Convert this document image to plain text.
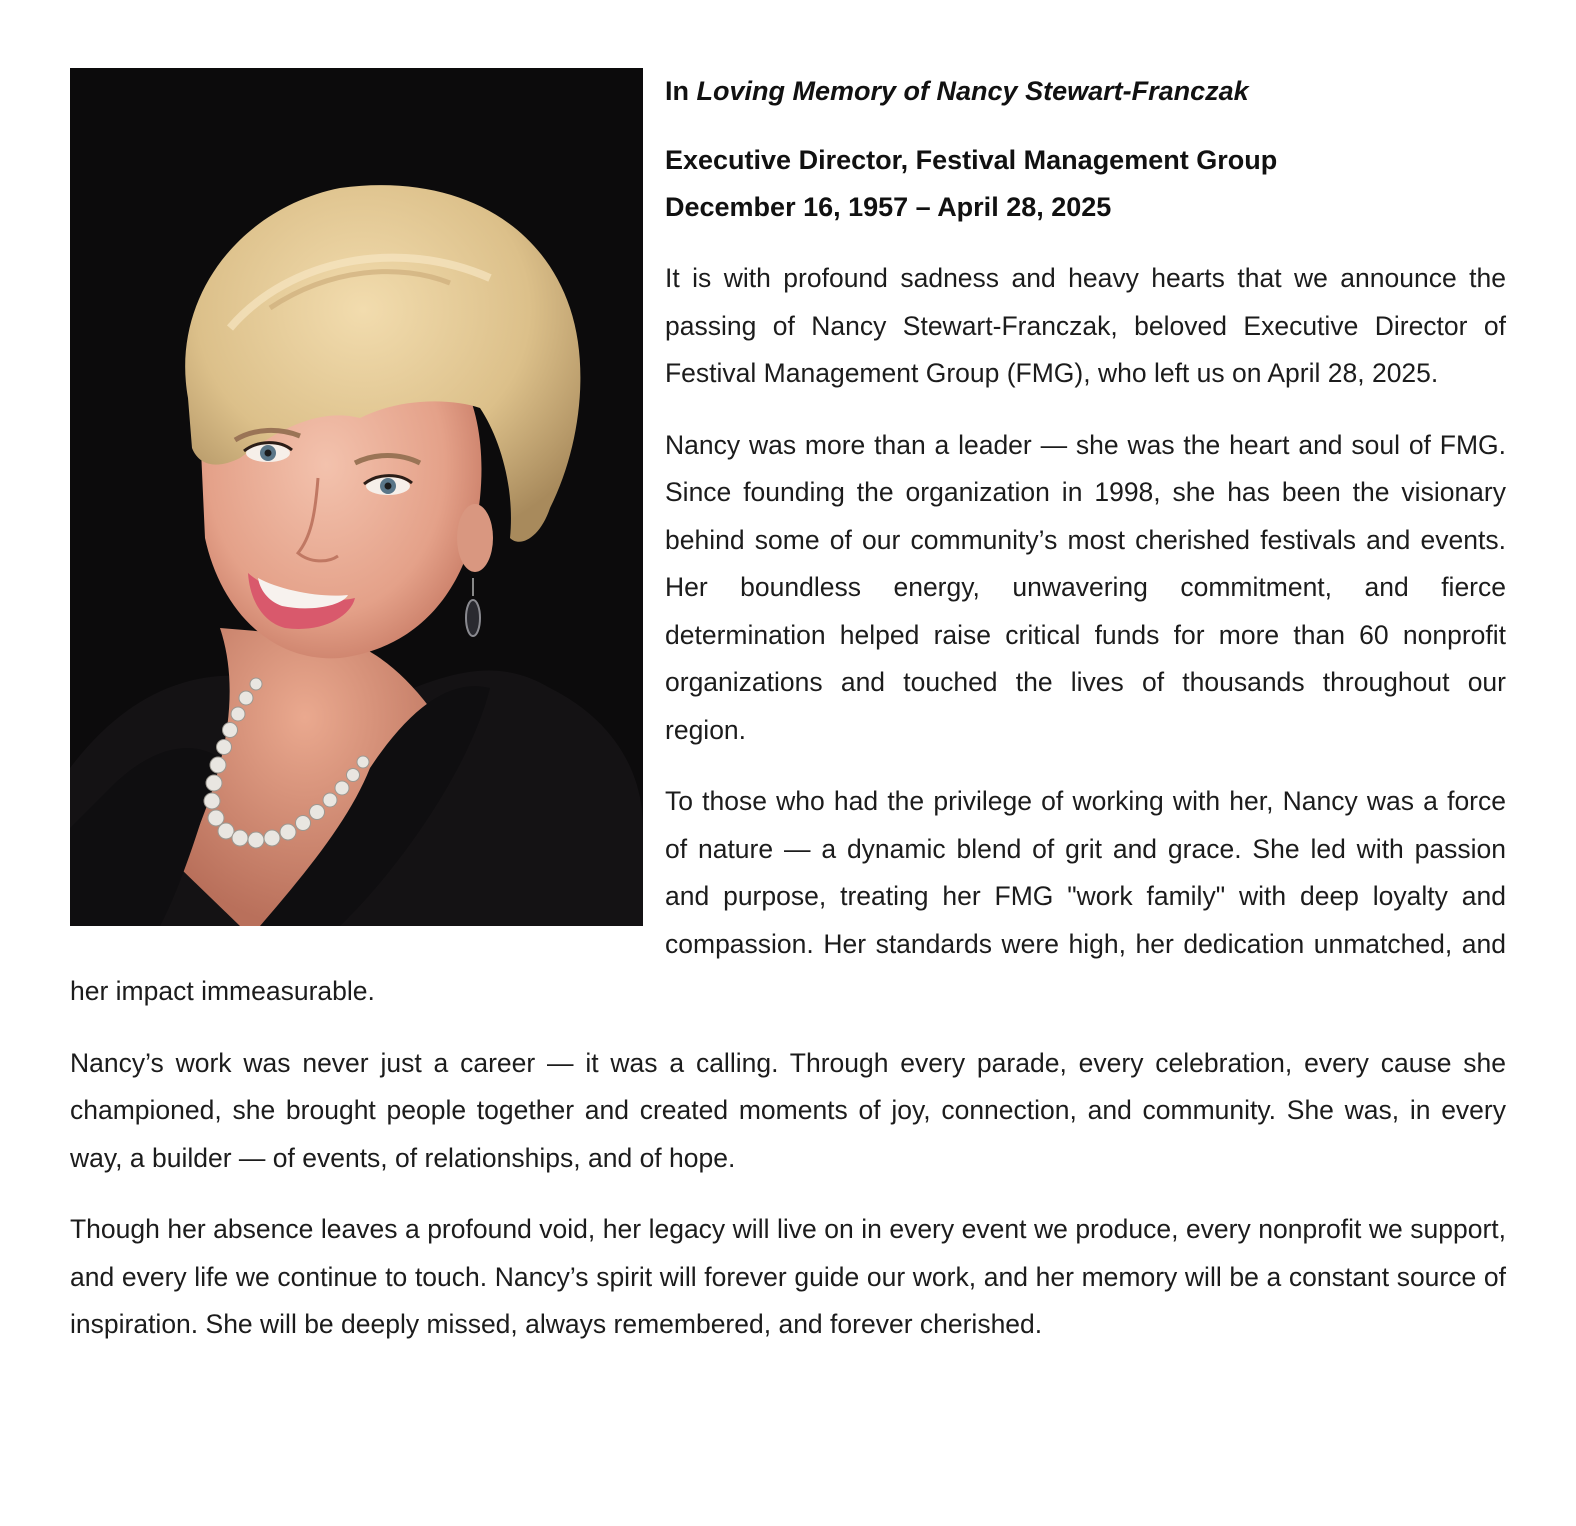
In Loving Memory of Nancy Stewart-Franczak

Executive Director, Festival Management Group

December 16, 1957 – April 28, 2025

It is with profound sadness and heavy hearts that we announce the passing of Nancy Stewart-Franczak, beloved Executive Director of Festival Management Group (FMG), who left us on April 28, 2025.

Nancy was more than a leader — she was the heart and soul of FMG. Since founding the organization in 1998, she has been the visionary behind some of our community’s most cherished festivals and events. Her boundless energy, unwavering commitment, and fierce determination helped raise critical funds for more than 60 nonprofit organizations and touched the lives of thousands throughout our region.

To those who had the privilege of working with her, Nancy was a force of nature — a dynamic blend of grit and grace. She led with passion and purpose, treating her FMG "work family" with deep loyalty and compassion. Her standards were high, her dedication unmatched, and her impact immeasurable.

Nancy’s work was never just a career — it was a calling. Through every parade, every celebration, every cause she championed, she brought people together and created moments of joy, connection, and community. She was, in every way, a builder — of events, of relationships, and of hope.

Though her absence leaves a profound void, her legacy will live on in every event we produce, every nonprofit we support, and every life we continue to touch. Nancy’s spirit will forever guide our work, and her memory will be a constant source of inspiration. She will be deeply missed, always remembered, and forever cherished.
